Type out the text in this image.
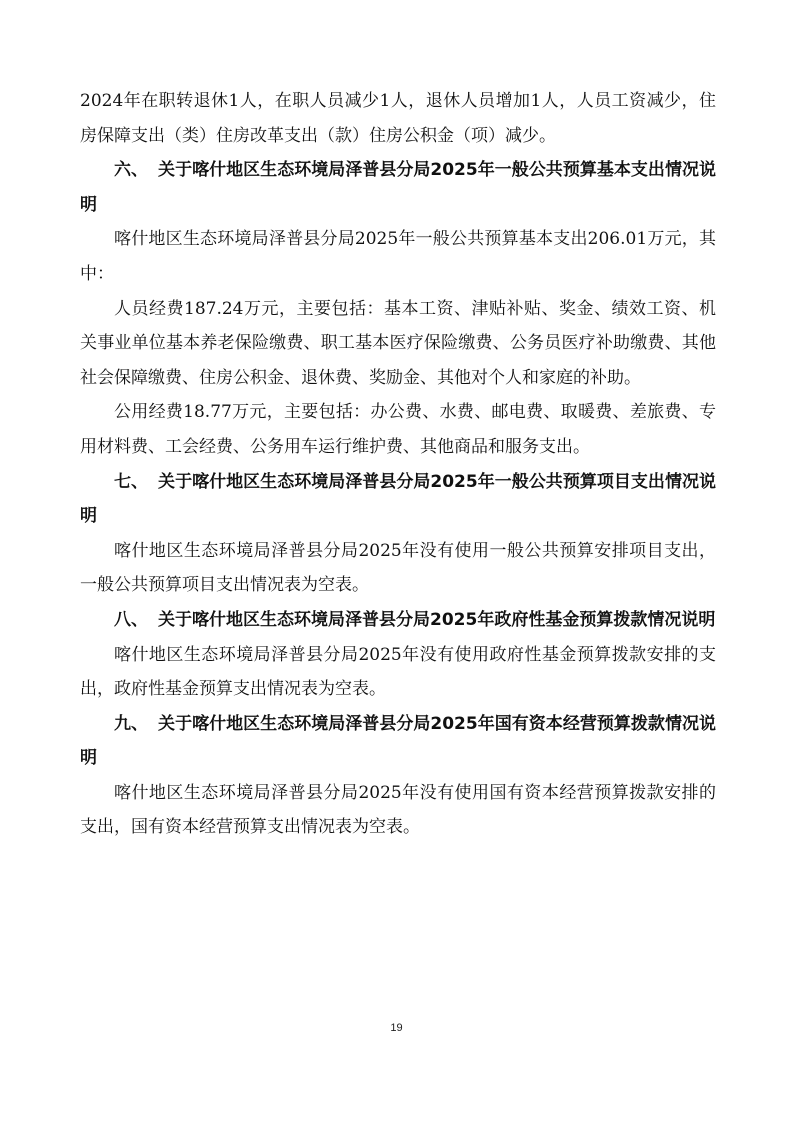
2024年在职转退休1人，在职人员减少1人，退休人员增加1人，人员工资减少，住房保障支出（类）住房改革支出（款）住房公积金（项）减少。

六、 关于喀什地区生态环境局泽普县分局2025年一般公共预算基本支出情况说明

喀什地区生态环境局泽普县分局2025年一般公共预算基本支出206.01万元，其中：

人员经费187.24万元，主要包括：基本工资、津贴补贴、奖金、绩效工资、机关事业单位基本养老保险缴费、职工基本医疗保险缴费、公务员医疗补助缴费、其他社会保障缴费、住房公积金、退休费、奖励金、其他对个人和家庭的补助。

公用经费18.77万元，主要包括：办公费、水费、邮电费、取暖费、差旅费、专用材料费、工会经费、公务用车运行维护费、其他商品和服务支出。

七、 关于喀什地区生态环境局泽普县分局2025年一般公共预算项目支出情况说明

喀什地区生态环境局泽普县分局2025年没有使用一般公共预算安排项目支出，一般公共预算项目支出情况表为空表。

八、 关于喀什地区生态环境局泽普县分局2025年政府性基金预算拨款情况说明

喀什地区生态环境局泽普县分局2025年没有使用政府性基金预算拨款安排的支出，政府性基金预算支出情况表为空表。

九、 关于喀什地区生态环境局泽普县分局2025年国有资本经营预算拨款情况说明

喀什地区生态环境局泽普县分局2025年没有使用国有资本经营预算拨款安排的支出，国有资本经营预算支出情况表为空表。

19
